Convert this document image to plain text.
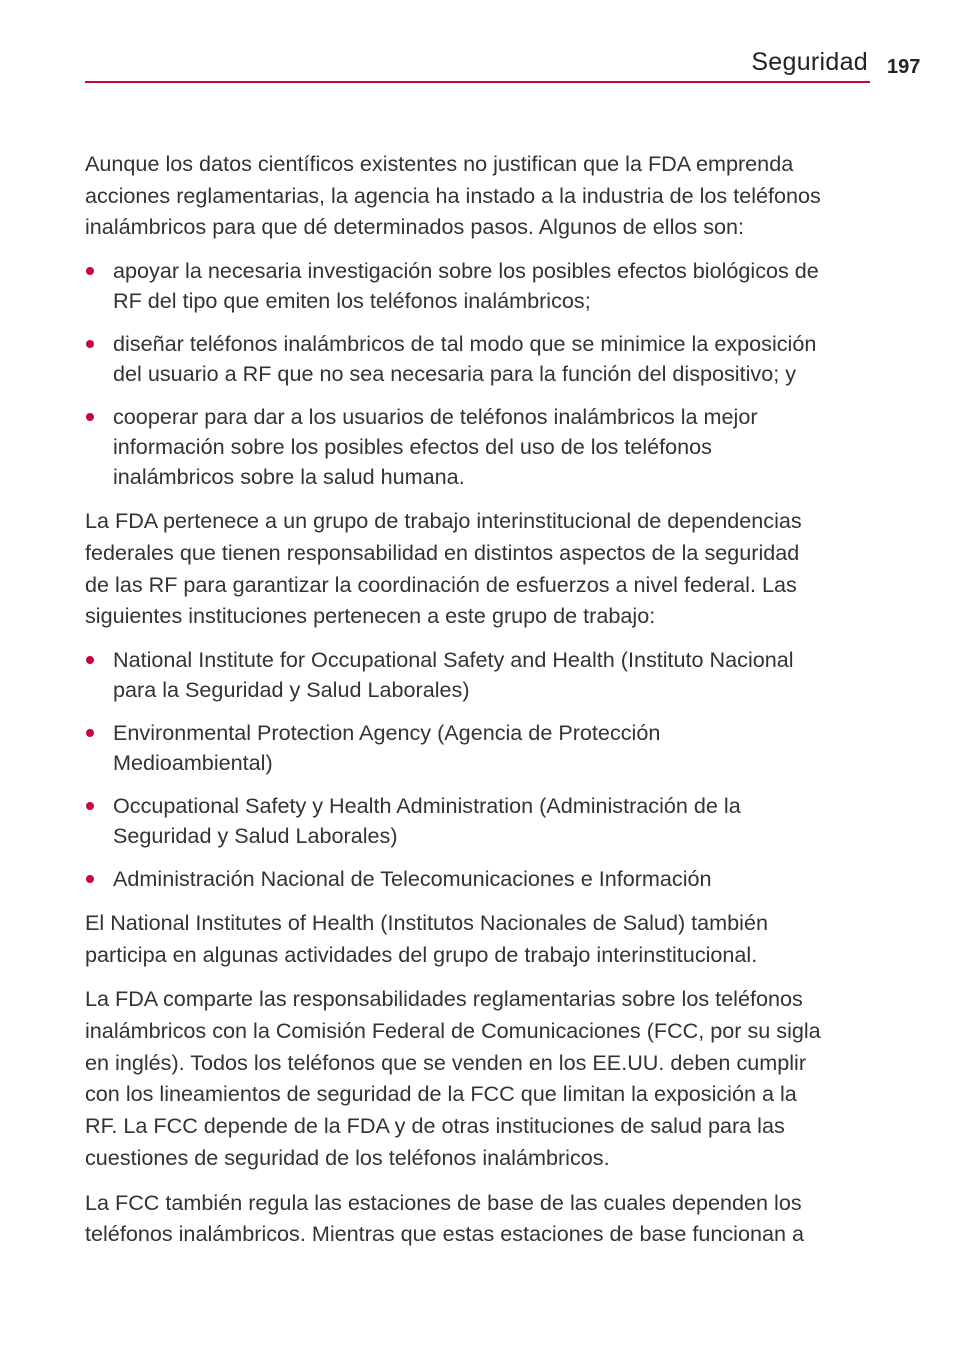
Seguridad 197
Aunque los datos científicos existentes no justifican que la FDA emprenda
acciones reglamentarias, la agencia ha instado a la industria de los teléfonos
inalámbricos para que dé determinados pasos. Algunos de ellos son:
apoyar la necesaria investigación sobre los posibles efectos biológicos de
RF del tipo que emiten los teléfonos inalámbricos;
diseñar teléfonos inalámbricos de tal modo que se minimice la exposición
del usuario a RF que no sea necesaria para la función del dispositivo; y
cooperar para dar a los usuarios de teléfonos inalámbricos la mejor
información sobre los posibles efectos del uso de los teléfonos
inalámbricos sobre la salud humana.
La FDA pertenece a un grupo de trabajo interinstitucional de dependencias
federales que tienen responsabilidad en distintos aspectos de la seguridad
de las RF para garantizar la coordinación de esfuerzos a nivel federal. Las
siguientes instituciones pertenecen a este grupo de trabajo:
National Institute for Occupational Safety and Health (Instituto Nacional
para la Seguridad y Salud Laborales)
Environmental Protection Agency (Agencia de Protección
Medioambiental)
Occupational Safety y Health Administration (Administración de la
Seguridad y Salud Laborales)
Administración Nacional de Telecomunicaciones e Información
El National Institutes of Health (Institutos Nacionales de Salud) también
participa en algunas actividades del grupo de trabajo interinstitucional.
La FDA comparte las responsabilidades reglamentarias sobre los teléfonos
inalámbricos con la Comisión Federal de Comunicaciones (FCC, por su sigla
en inglés). Todos los teléfonos que se venden en los EE.UU. deben cumplir
con los lineamientos de seguridad de la FCC que limitan la exposición a la
RF. La FCC depende de la FDA y de otras instituciones de salud para las
cuestiones de seguridad de los teléfonos inalámbricos.
La FCC también regula las estaciones de base de las cuales dependen los
teléfonos inalámbricos. Mientras que estas estaciones de base funcionan a
